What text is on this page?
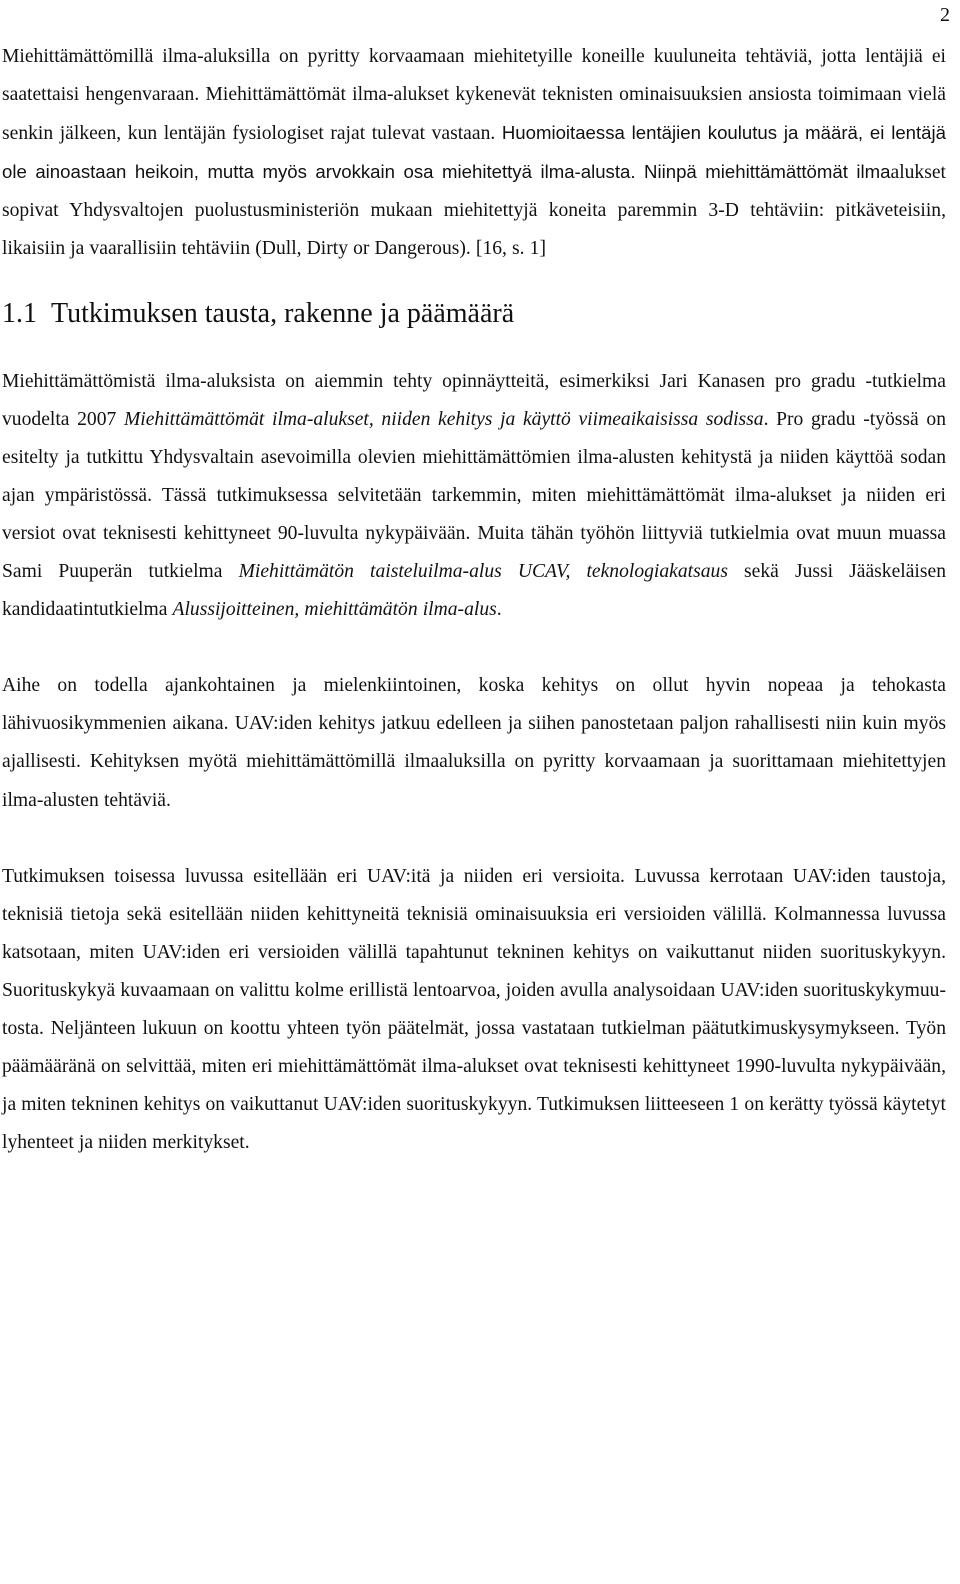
2

Miehittämättömillä ilma-aluksilla on pyritty korvaamaan miehitetyille koneille kuuluneita tehtäviä, jotta lentäjiä ei saatettaisi hengenvaraan. Miehittämättömät ilma-alukset kykenevät teknisten ominaisuuksien ansiosta toimimaan vielä senkin jälkeen, kun lentäjän fysiologiset rajat tulevat vastaan. Huomioitaessa lentäjien koulutus ja määrä, ei lentäjä ole ainoastaan heikoin, mutta myös arvokkain osa miehitettyä ilma-alusta. Niinpä miehittämättömät ilmaalukset sopivat Yhdysvaltojen puolustusministeriön mukaan miehitettyjä koneita paremmin 3-D tehtäviin: pitkäveteisiin, likaisiin ja vaarallisiin tehtäviin (Dull, Dirty or Dangerous). [16, s. 1]

1.1 Tutkimuksen tausta, rakenne ja päämäärä

Miehittämättömistä ilma-aluksista on aiemmin tehty opinnäytteitä, esimerkiksi Jari Kanasen pro gradu -tutkielma vuodelta 2007 Miehittämättömät ilma-alukset, niiden kehitys ja käyttö viimeaikaisissa sodissa. Pro gradu -työssä on esitelty ja tutkittu Yhdysvaltain asevoimilla olevien miehittämättömien ilma-alusten kehitystä ja niiden käyttöä sodan ajan ympäristössä. Tässä tutkimuksessa selvitetään tarkemmin, miten miehittämättömät ilma-alukset ja niiden eri versiot ovat teknisesti kehittyneet 90-luvulta nykypäivään. Muita tähän työhön liittyviä tutkielmia ovat muun muassa Sami Puuperän tutkielma Miehittämätön taisteluilma-alus UCAV, teknologiakatsaus sekä Jussi Jääskeläisen kandidaatintutkielma Alussijoitteinen, miehittämätön ilma-alus.

Aihe on todella ajankohtainen ja mielenkiintoinen, koska kehitys on ollut hyvin nopeaa ja tehokasta lähivuosikymmenien aikana. UAV:iden kehitys jatkuu edelleen ja siihen panostetaan paljon rahallisesti niin kuin myös ajallisesti. Kehityksen myötä miehittämättömillä ilmaaluksilla on pyritty korvaamaan ja suorittamaan miehitettyjen ilma-alusten tehtäviä.

Tutkimuksen toisessa luvussa esitellään eri UAV:itä ja niiden eri versioita. Luvussa kerrotaan UAV:iden taustoja, teknisiä tietoja sekä esitellään niiden kehittyneitä teknisiä ominaisuuksia eri versioiden välillä. Kolmannessa luvussa katsotaan, miten UAV:iden eri versioiden välillä tapahtunut tekninen kehitys on vaikuttanut niiden suorituskykyyn. Suorituskykyä kuvaamaan on valittu kolme erillistä lentoarvoa, joiden avulla analysoidaan UAV:iden suorituskykymuutosta. Neljänteen lukuun on koottu yhteen työn päätelmät, jossa vastataan tutkielman päätutkimuskysymykseen. Työn päämääränä on selvittää, miten eri miehittämättömät ilma-alukset ovat teknisesti kehittyneet 1990-luvulta nykypäivään, ja miten tekninen kehitys on vaikuttanut UAV:iden suorituskykyyn. Tutkimuksen liitteeseen 1 on kerätty työssä käytetyt lyhenteet ja niiden merkitykset.
